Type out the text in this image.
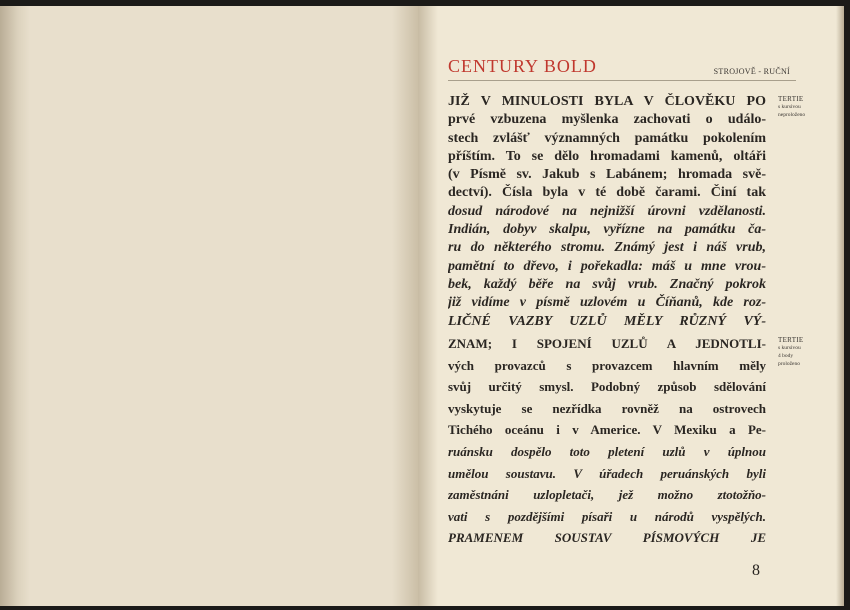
CENTURY BOLD	STROJOVĚ - RUČNÍ
TERTIE
s kursivou
neproloženo
TERTIE
s kursivou
4 body
proloženo
JIŽ V MINULOSTI BYLA V ČLOVĚKU PO
prvé vzbuzena myšlenka zachovati o událo-
stech zvlášť významných památku pokolením
příštím. To se dělo hromadami kamenů, oltáři
(v Písmě sv. Jakub s Labánem; hromada svě-
dectví). Čísla byla v té době čarami. Činí tak
dosud národové na nejnižší úrovni vzdělanosti.
Indián, dobyv skalpu, vyřízne na památku ča-
ru do některého stromu. Známý jest i náš vrub,
pamětní to dřevo, i pořekadla: máš u mne vrou-
bek, každý běře na svůj vrub. Značný pokrok
již vidíme v písmě uzlovém u Číňanů, kde roz-
LIČNÉ VAZBY UZLŮ MĚLY RŮZNÝ VÝ-
ZNAM; I SPOJENÍ UZLŮ A JEDNOTLI-
vých provazců s provazcem hlavním měly
svůj určitý smysl. Podobný způsob sdělování
vyskytuje se nezřídka rovněž na ostrovech
Tichého oceánu i v Americe. V Mexiku a Pe-
ruánsku dospělo toto pletení uzlů v úplnou
umělou soustavu. V úřadech peruánských byli
zaměstnáni uzlopletači, jež možno ztotožňo-
vati s pozdějšími písaři u národů vyspělých.
PRAMENEM SOUSTAV PÍSMOVÝCH JE
8
